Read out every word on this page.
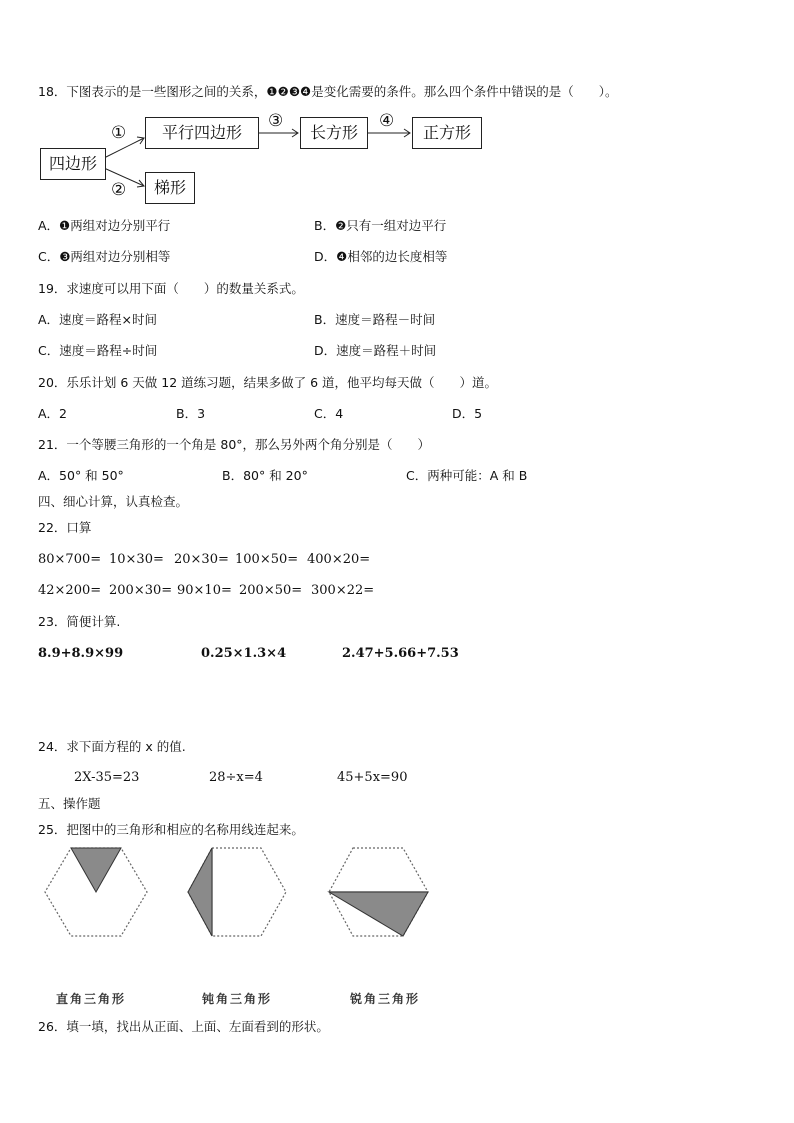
18．下图表示的是一些图形之间的关系，❶❷❸❹是变化需要的条件。那么四个条件中错误的是（　　）。
四边形
平行四边形	长方形	正方形
梯形
①
②
③	④
A．❶两组对边分别平行	B．❷只有一组对边平行
C．❸两组对边分别相等	D．❹相邻的边长度相等
19．求速度可以用下面（　　）的数量关系式。
A．速度＝路程×时间	B．速度＝路程－时间
C．速度＝路程÷时间	D．速度＝路程＋时间
20．乐乐计划 6 天做 12 道练习题，结果多做了 6 道，他平均每天做（　　）道。
A．2	B．3	C．4	D．5
21．一个等腰三角形的一个角是 80°，那么另外两个角分别是（　　）
A．50° 和 50°	B．80° 和 20°	C．两种可能：A 和 B
四、细心计算，认真检查。
22．口算
80×700= 10×30= 20×30= 100×50= 400×20=
42×200= 200×30= 90×10= 200×50= 300×22=
23．简便计算.
8.9+8.9×99	0.25×1.3×4	2.47+5.66+7.53
24．求下面方程的 x 的值.
2X-35=23	28÷x=4	45+5x=90
五、操作题
25．把图中的三角形和相应的名称用线连起来。
直角三角形	钝角三角形	锐角三角形
26．填一填，找出从正面、上面、左面看到的形状。
